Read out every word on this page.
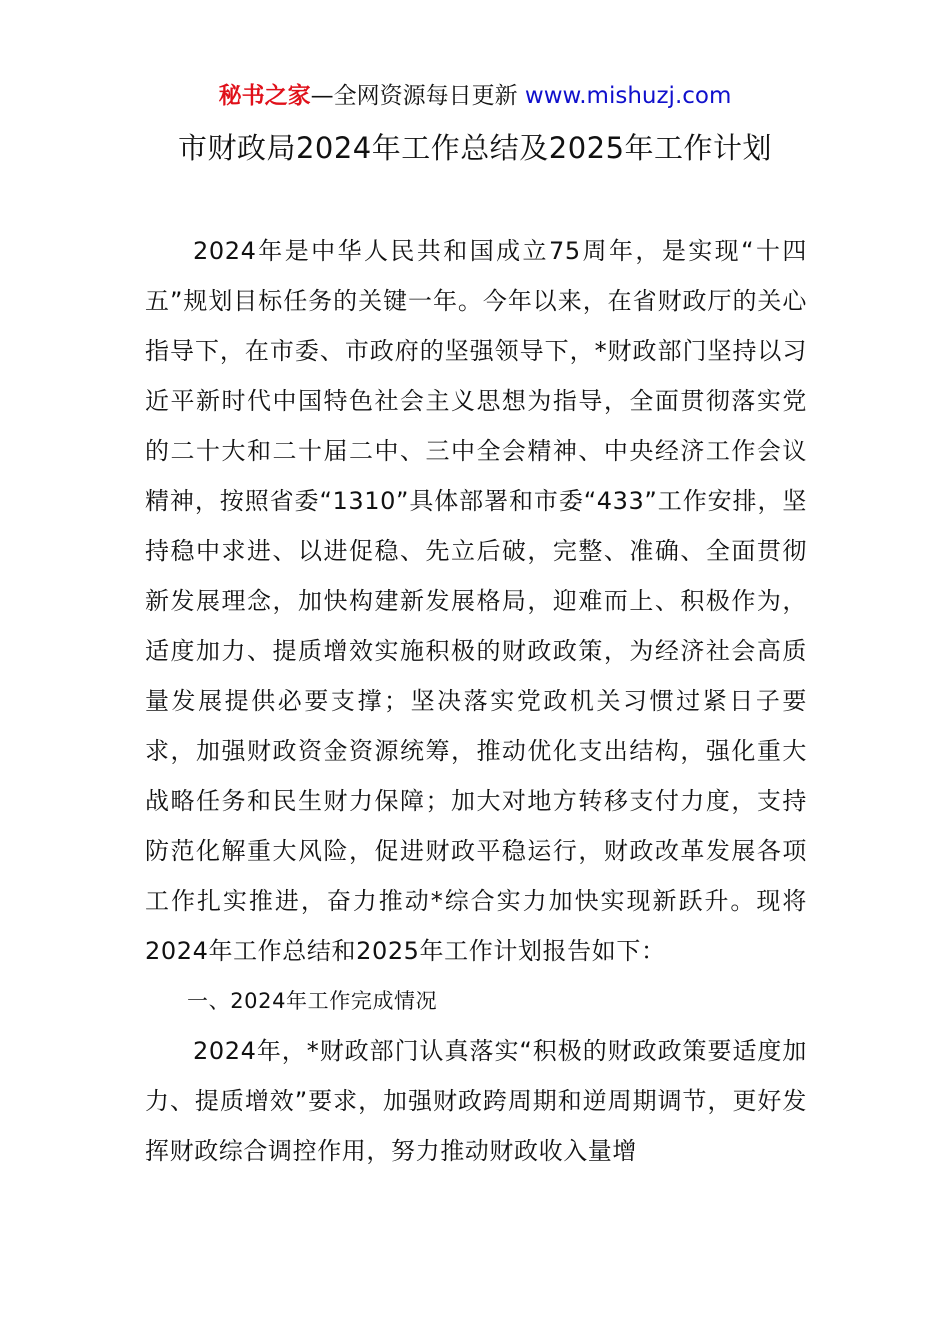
秘书之家—全网资源每日更新 www.mishuzj.com
市财政局2024年工作总结及2025年工作计划

2024年是中华人民共和国成立75周年，是实现“十四五”规划目标任务的关键一年。今年以来，在省财政厅的关心指导下，在市委、市政府的坚强领导下，*财政部门坚持以习近平新时代中国特色社会主义思想为指导，全面贯彻落实党的二十大和二十届二中、三中全会精神、中央经济工作会议精神，按照省委“1310”具体部署和市委“433”工作安排，坚持稳中求进、以进促稳、先立后破，完整、准确、全面贯彻新发展理念，加快构建新发展格局，迎难而上、积极作为，适度加力、提质增效实施积极的财政政策，为经济社会高质量发展提供必要支撑；坚决落实党政机关习惯过紧日子要求，加强财政资金资源统筹，推动优化支出结构，强化重大战略任务和民生财力保障；加大对地方转移支付力度，支持防范化解重大风险，促进财政平稳运行，财政改革发展各项工作扎实推进，奋力推动*综合实力加快实现新跃升。现将2024年工作总结和2025年工作计划报告如下：

一、2024年工作完成情况

2024年，*财政部门认真落实“积极的财政政策要适度加力、提质增效”要求，加强财政跨周期和逆周期调节，更好发挥财政综合调控作用，努力推动财政收入量增
